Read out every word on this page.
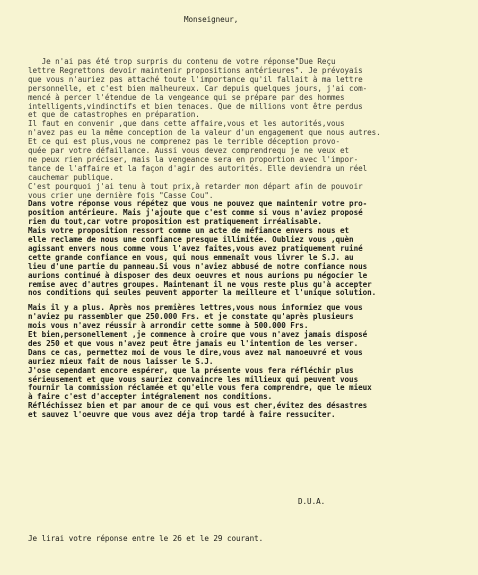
Monseigneur,
Je n'ai pas été trop surpris du contenu de votre réponse"Due Reçu
lettre Regrettons devoir maintenir propositions antérieures". Je prévoyais
que vous n'auriez pas attaché toute l'importance qu'il fallait à ma lettre
personnelle, et c'est bien malheureux. Car depuis quelques jours, j'ai com-
mencé à percer l'étendue de la vengeance qui se prépare par des hommes
intelligents,vindinctifs et bien tenaces. Que de millions vont être perdus
et que de catastrophes en préparation.
Il faut en convenir ,que dans cette affaire,vous et les autorités,vous
n'avez pas eu la même conception de la valeur d'un engagement que nous autres.
Et ce qui est plus,vous ne comprenez pas le terrible déception provo-
quée par votre défaillance. Aussi vous devez comprendrequ je ne veux et
ne peux rien préciser, mais la vengeance sera en proportion avec l'impor-
tance de l'affaire et la façon d'agir des autorités. Elle deviendra un réel
cauchemar publique.
C'est pourquoi j'ai tenu à tout prix,à retarder mon départ afin de pouvoir
vous crier une dernière fois "Casse Cou".
Dans votre réponse vous répétez que vous ne pouvez que maintenir votre pro-
position antérieure. Mais j'ajoute que c'est comme si vous n'aviez proposé
rien du tout,car votre proposition est pratiquement irréalisable.
Mais votre proposition ressort comme un acte de méfiance envers nous et
elle reclame de nous une confiance presque illimitée. Oubliez vous ,quèn
agissant envers nous comme vous l'avez faites,vous avez pratiquement ruiné
cette grande confiance en vous, qui nous emmenaît vous livrer le S.J. au
lieu d'une partie du panneau.Si vous n'aviez abbusé de notre confiance nous
aurions continué à disposer des deux oeuvres et nous aurions pu négocier le
remise avec d'autres groupes. Maintenant il ne vous reste plus qu'à accepter
nos conditions qui seules peuvent apporter la meilleure et l'unique solution.
Mais il y a plus. Après nos premières lettres,vous nous informiez que vous
n'aviez pu rassembler que 250.000 Frs. et je constate qu'après plusieurs
mois vous n'avez réussir à arrondir cette somme à 500.000 Frs.
Et bien,personellement ,je commence à croire que vous n'avez jamais disposé
des 250 et que vous n'avez peut être jamais eu l'intention de les verser.
Dans ce cas, permettez moi de vous le dire,vous avez mal manoeuvré et vous
auriez mieux fait de nous laisser le S.J.
J'ose cependant encore espérer, que la présente vous fera réfléchir plus
sérieusement et que vous sauriez convaincre les millieux qui peuvent vous
fournir la commission réclamée et qu'elle vous fera comprendre, que le mieux
à faire c'est d'accepter intégralement nos conditions.
Réfléchissez bien et par amour de ce qui vous est cher,évitez des désastres
et sauvez l'oeuvre que vous avez déja trop tardé à faire ressuciter.
D.U.A.
Je lirai votre réponse entre le 26 et le 29 courant.
